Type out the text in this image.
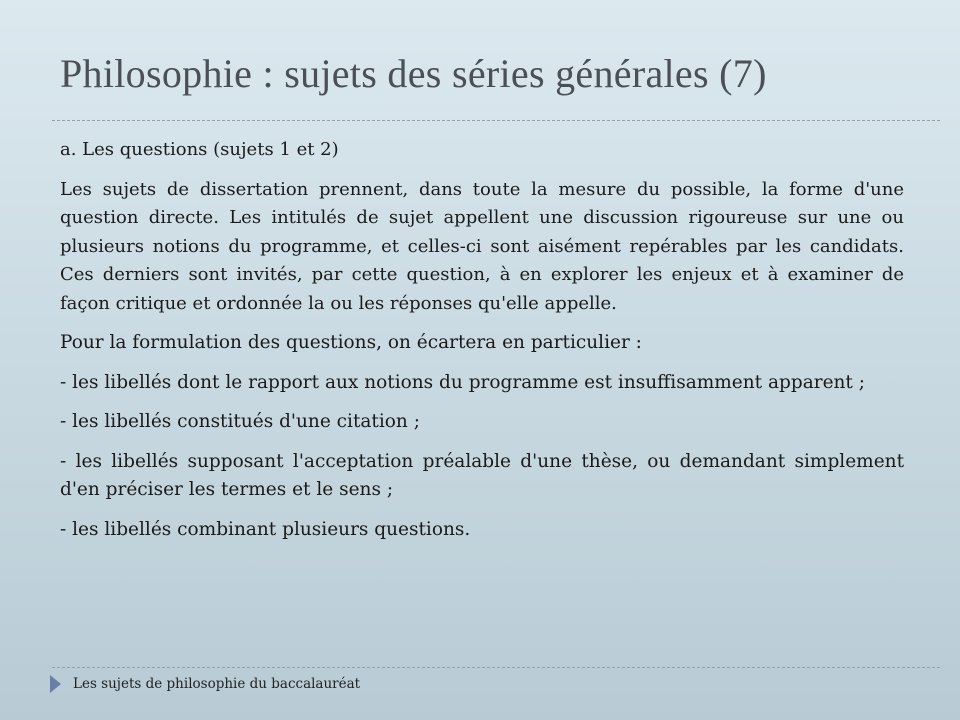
Philosophie : sujets des séries générales (7)

a. Les questions (sujets 1 et 2)

Les sujets de dissertation prennent, dans toute la mesure du possible, la forme d'une question directe. Les intitulés de sujet appellent une discussion rigoureuse sur une ou plusieurs notions du programme, et celles-ci sont aisément repérables par les candidats. Ces derniers sont invités, par cette question, à en explorer les enjeux et à examiner de façon critique et ordonnée la ou les réponses qu'elle appelle.

Pour la formulation des questions, on écartera en particulier :

- les libellés dont le rapport aux notions du programme est insuffisamment apparent ;

- les libellés constitués d'une citation ;

- les libellés supposant l'acceptation préalable d'une thèse, ou demandant simplement d'en préciser les termes et le sens ;

- les libellés combinant plusieurs questions.

Les sujets de philosophie du baccalauréat
